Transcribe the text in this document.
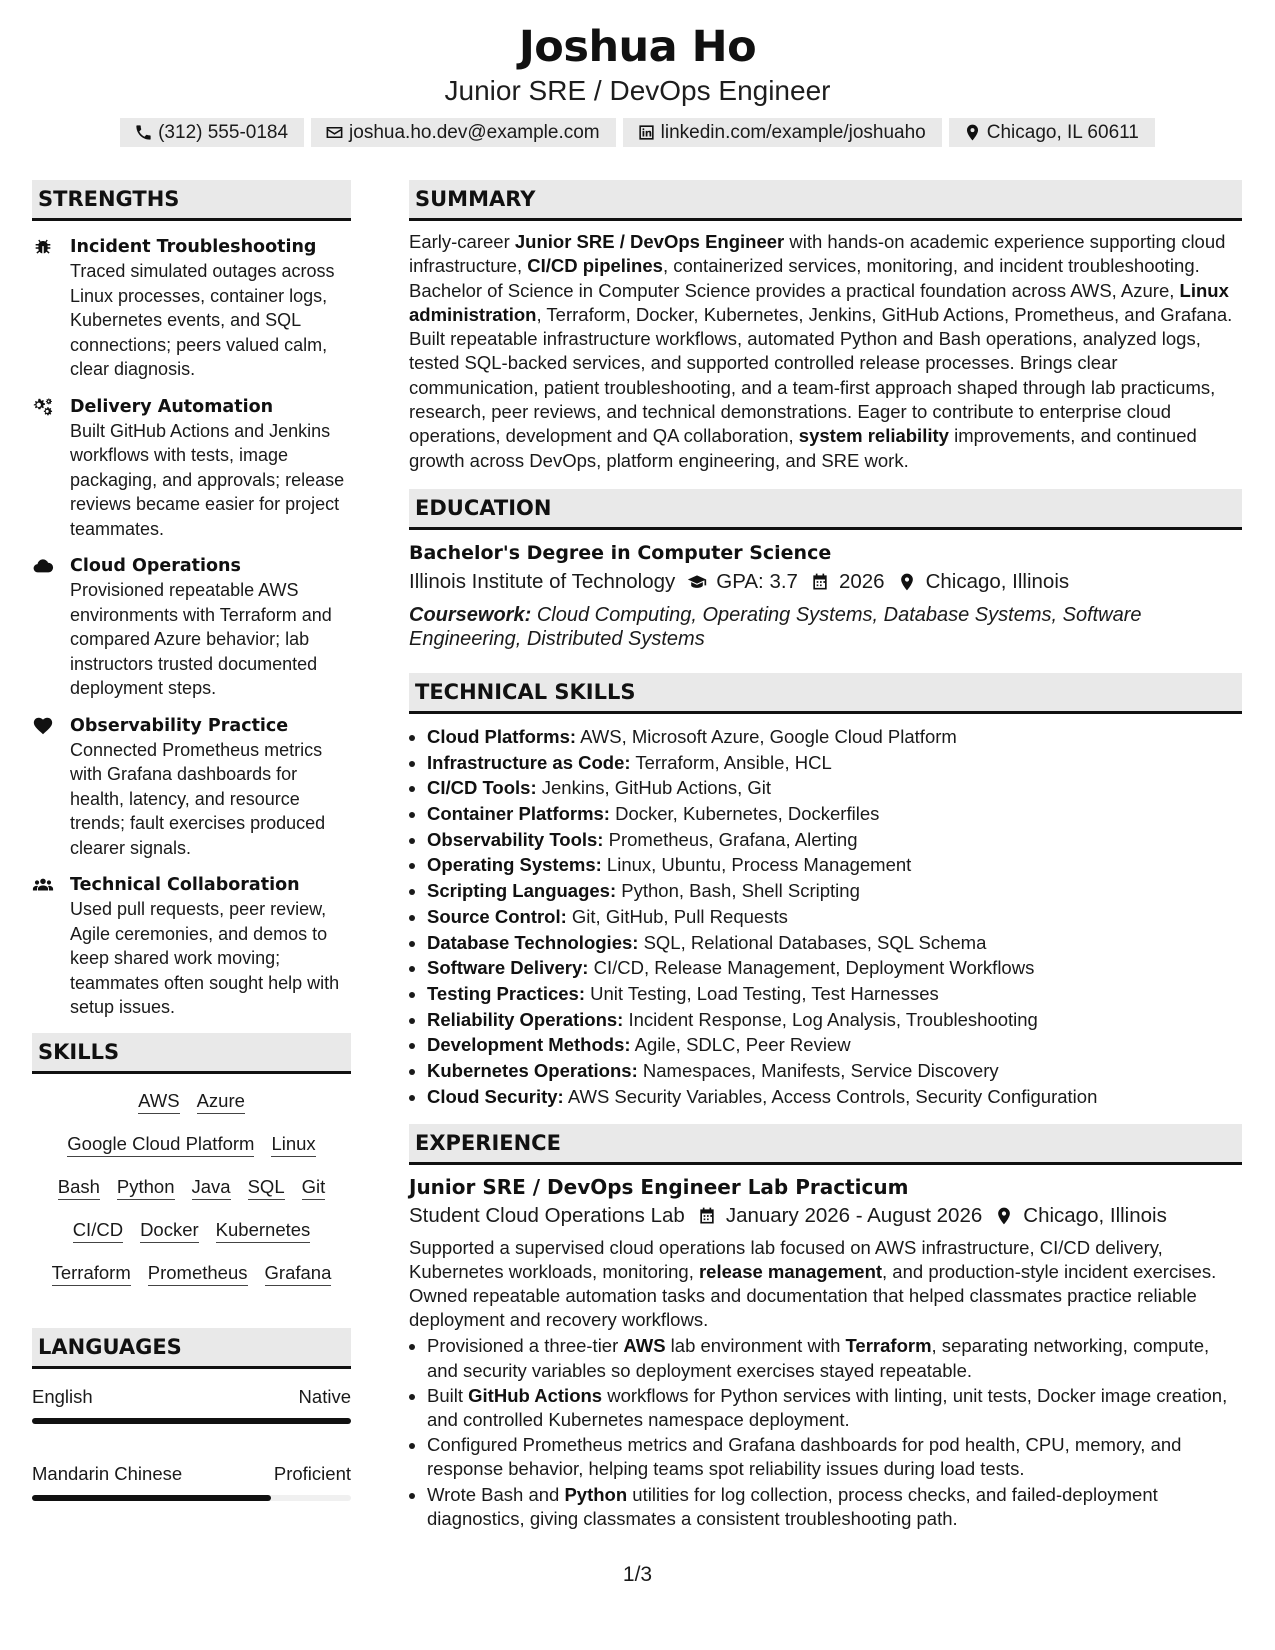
Joshua Ho
Junior SRE / DevOps Engineer
(312) 555-0184	joshua.ho.dev@example.com	linkedin.com/example/joshuaho	Chicago, IL 60611
STRENGTHS
Incident Troubleshooting
Traced simulated outages across Linux processes, container logs, Kubernetes events, and SQL connections; peers valued calm, clear diagnosis.
Delivery Automation
Built GitHub Actions and Jenkins workflows with tests, image packaging, and approvals; release reviews became easier for project teammates.
Cloud Operations
Provisioned repeatable AWS environments with Terraform and compared Azure behavior; lab instructors trusted documented deployment steps.
Observability Practice
Connected Prometheus metrics with Grafana dashboards for health, latency, and resource trends; fault exercises produced clearer signals.
Technical Collaboration
Used pull requests, peer review, Agile ceremonies, and demos to keep shared work moving; teammates often sought help with setup issues.
SKILLS
AWS Azure
Google Cloud Platform Linux
Bash Python Java SQL Git
CI/CD Docker Kubernetes
Terraform Prometheus Grafana
LANGUAGES
English	Native
Mandarin Chinese	Proficient
SUMMARY
Early-career Junior SRE / DevOps Engineer with hands-on academic experience supporting cloud infrastructure, CI/CD pipelines, containerized services, monitoring, and incident troubleshooting. Bachelor of Science in Computer Science provides a practical foundation across AWS, Azure, Linux administration, Terraform, Docker, Kubernetes, Jenkins, GitHub Actions, Prometheus, and Grafana. Built repeatable infrastructure workflows, automated Python and Bash operations, analyzed logs, tested SQL-backed services, and supported controlled release processes. Brings clear communication, patient troubleshooting, and a team-first approach shaped through lab practicums, research, peer reviews, and technical demonstrations. Eager to contribute to enterprise cloud operations, development and QA collaboration, system reliability improvements, and continued growth across DevOps, platform engineering, and SRE work.
EDUCATION
Bachelor's Degree in Computer Science
Illinois Institute of Technology GPA: 3.7 2026 Chicago, Illinois
Coursework: Cloud Computing, Operating Systems, Database Systems, Software Engineering, Distributed Systems
TECHNICAL SKILLS
• Cloud Platforms: AWS, Microsoft Azure, Google Cloud Platform
• Infrastructure as Code: Terraform, Ansible, HCL
• CI/CD Tools: Jenkins, GitHub Actions, Git
• Container Platforms: Docker, Kubernetes, Dockerfiles
• Observability Tools: Prometheus, Grafana, Alerting
• Operating Systems: Linux, Ubuntu, Process Management
• Scripting Languages: Python, Bash, Shell Scripting
• Source Control: Git, GitHub, Pull Requests
• Database Technologies: SQL, Relational Databases, SQL Schema
• Software Delivery: CI/CD, Release Management, Deployment Workflows
• Testing Practices: Unit Testing, Load Testing, Test Harnesses
• Reliability Operations: Incident Response, Log Analysis, Troubleshooting
• Development Methods: Agile, SDLC, Peer Review
• Kubernetes Operations: Namespaces, Manifests, Service Discovery
• Cloud Security: AWS Security Variables, Access Controls, Security Configuration
EXPERIENCE
Junior SRE / DevOps Engineer Lab Practicum
Student Cloud Operations Lab January 2026 - August 2026 Chicago, Illinois
Supported a supervised cloud operations lab focused on AWS infrastructure, CI/CD delivery, Kubernetes workloads, monitoring, release management, and production-style incident exercises. Owned repeatable automation tasks and documentation that helped classmates practice reliable deployment and recovery workflows.
• Provisioned a three-tier AWS lab environment with Terraform, separating networking, compute, and security variables so deployment exercises stayed repeatable.
• Built GitHub Actions workflows for Python services with linting, unit tests, Docker image creation, and controlled Kubernetes namespace deployment.
• Configured Prometheus metrics and Grafana dashboards for pod health, CPU, memory, and response behavior, helping teams spot reliability issues during load tests.
• Wrote Bash and Python utilities for log collection, process checks, and failed-deployment diagnostics, giving classmates a consistent troubleshooting path.
1/3
